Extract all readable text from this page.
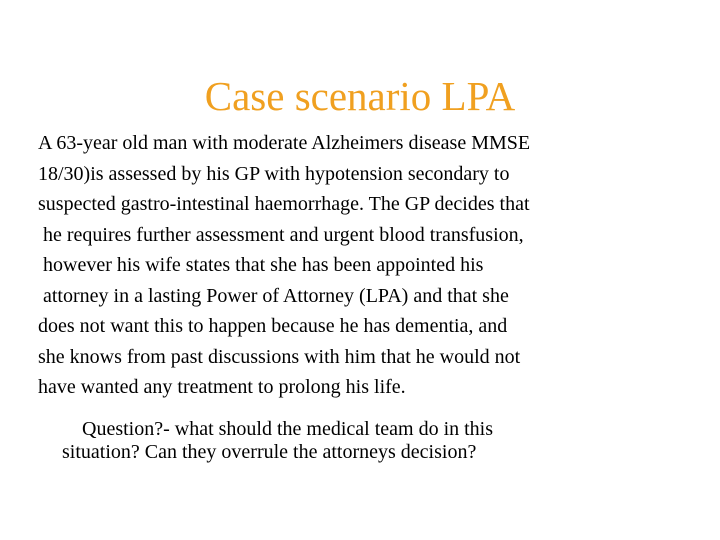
Case scenario LPA
A 63-year old man with moderate Alzheimers disease MMSE
18/30)is assessed by his GP with hypotension secondary to
suspected gastro-intestinal haemorrhage. The GP decides that
he requires further assessment and urgent blood transfusion,
however his wife states that she has been appointed his
attorney in a lasting Power of Attorney (LPA) and that she
does not want this to happen because he has dementia, and
she knows from past discussions with him that he would not
have wanted any treatment to prolong his life.
Question?- what should the medical team do in this
situation? Can they overrule the attorneys decision?
